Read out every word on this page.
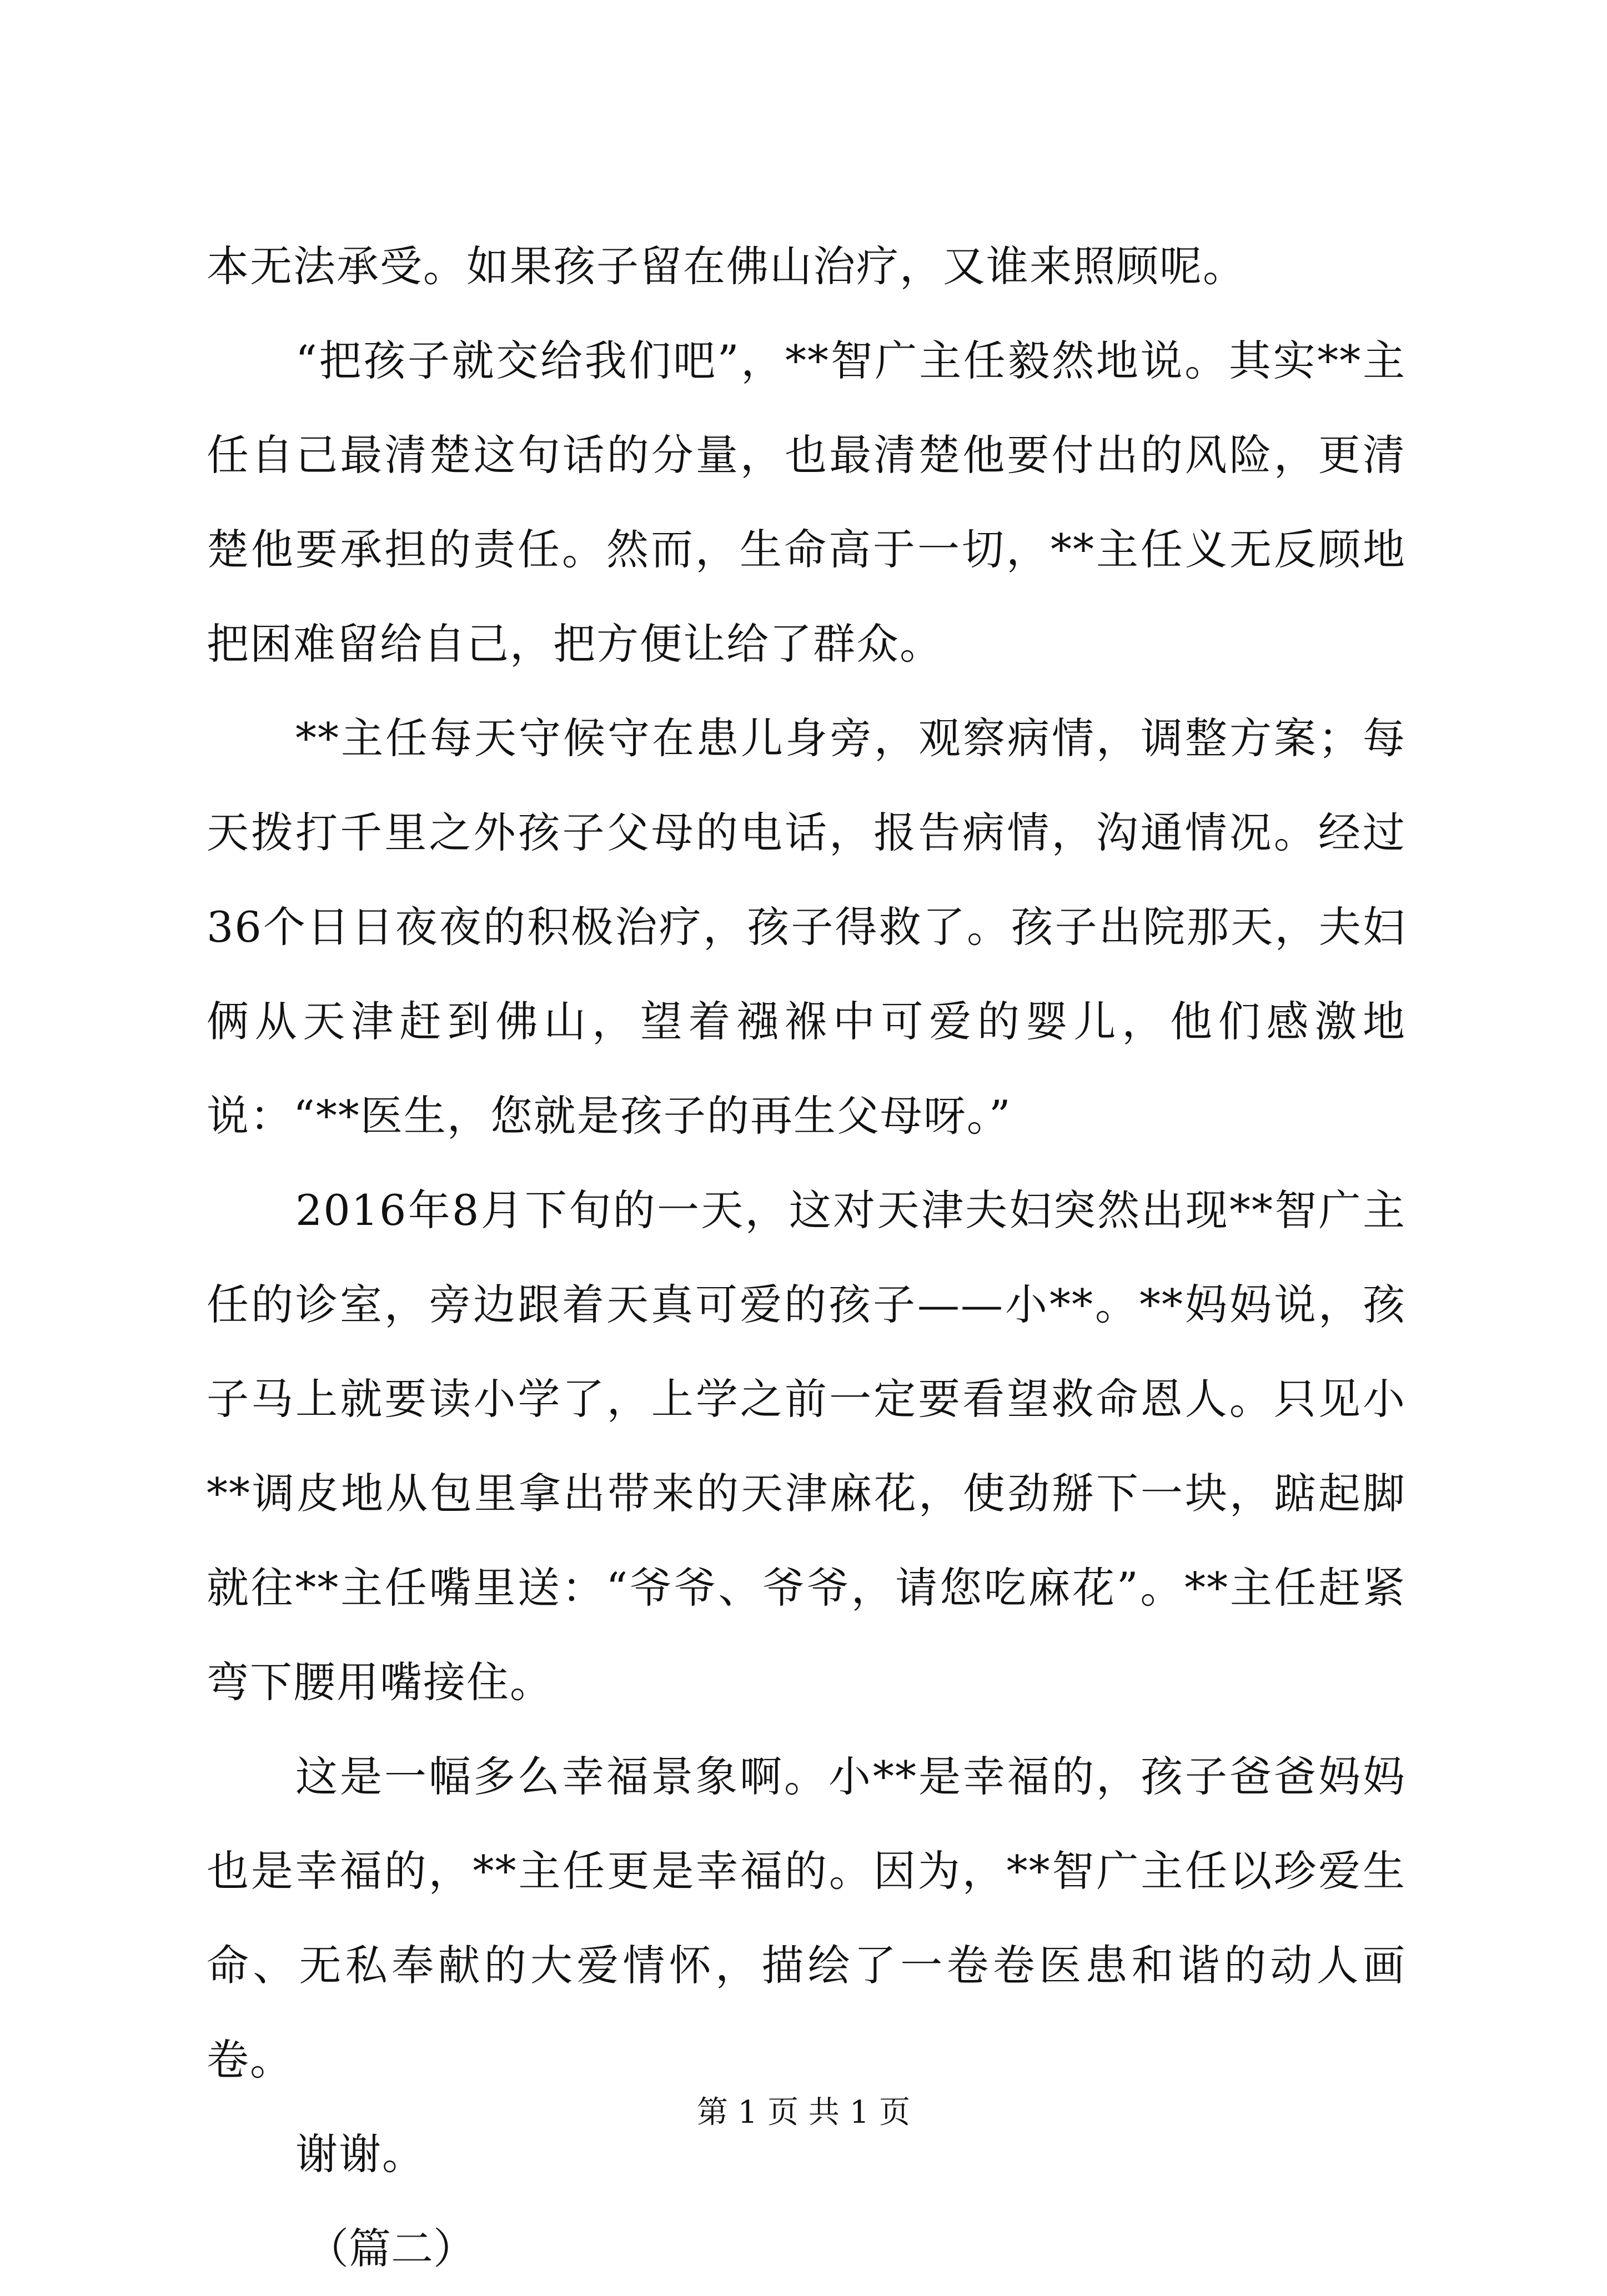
本无法承受。如果孩子留在佛山治疗，又谁来照顾呢。

“把孩子就交给我们吧”，**智广主任毅然地说。其实**主任自己最清楚这句话的分量，也最清楚他要付出的风险，更清楚他要承担的责任。然而，生命高于一切，**主任义无反顾地把困难留给自己，把方便让给了群众。

**主任每天守候守在患儿身旁，观察病情，调整方案；每天拨打千里之外孩子父母的电话，报告病情，沟通情况。经过36个日日夜夜的积极治疗，孩子得救了。孩子出院那天，夫妇俩从天津赶到佛山，望着襁褓中可爱的婴儿，他们感激地说：“**医生，您就是孩子的再生父母呀。”

2016年8月下旬的一天，这对天津夫妇突然出现**智广主任的诊室，旁边跟着天真可爱的孩子——小**。**妈妈说，孩子马上就要读小学了，上学之前一定要看望救命恩人。只见小**调皮地从包里拿出带来的天津麻花，使劲掰下一块，踮起脚就往**主任嘴里送：“爷爷、爷爷，请您吃麻花”。**主任赶紧弯下腰用嘴接住。

这是一幅多么幸福景象啊。小**是幸福的，孩子爸爸妈妈也是幸福的，**主任更是幸福的。因为，**智广主任以珍爱生命、无私奉献的大爱情怀，描绘了一卷卷医患和谐的动人画卷。

谢谢。

（篇二）

第 1 页 共 1 页
